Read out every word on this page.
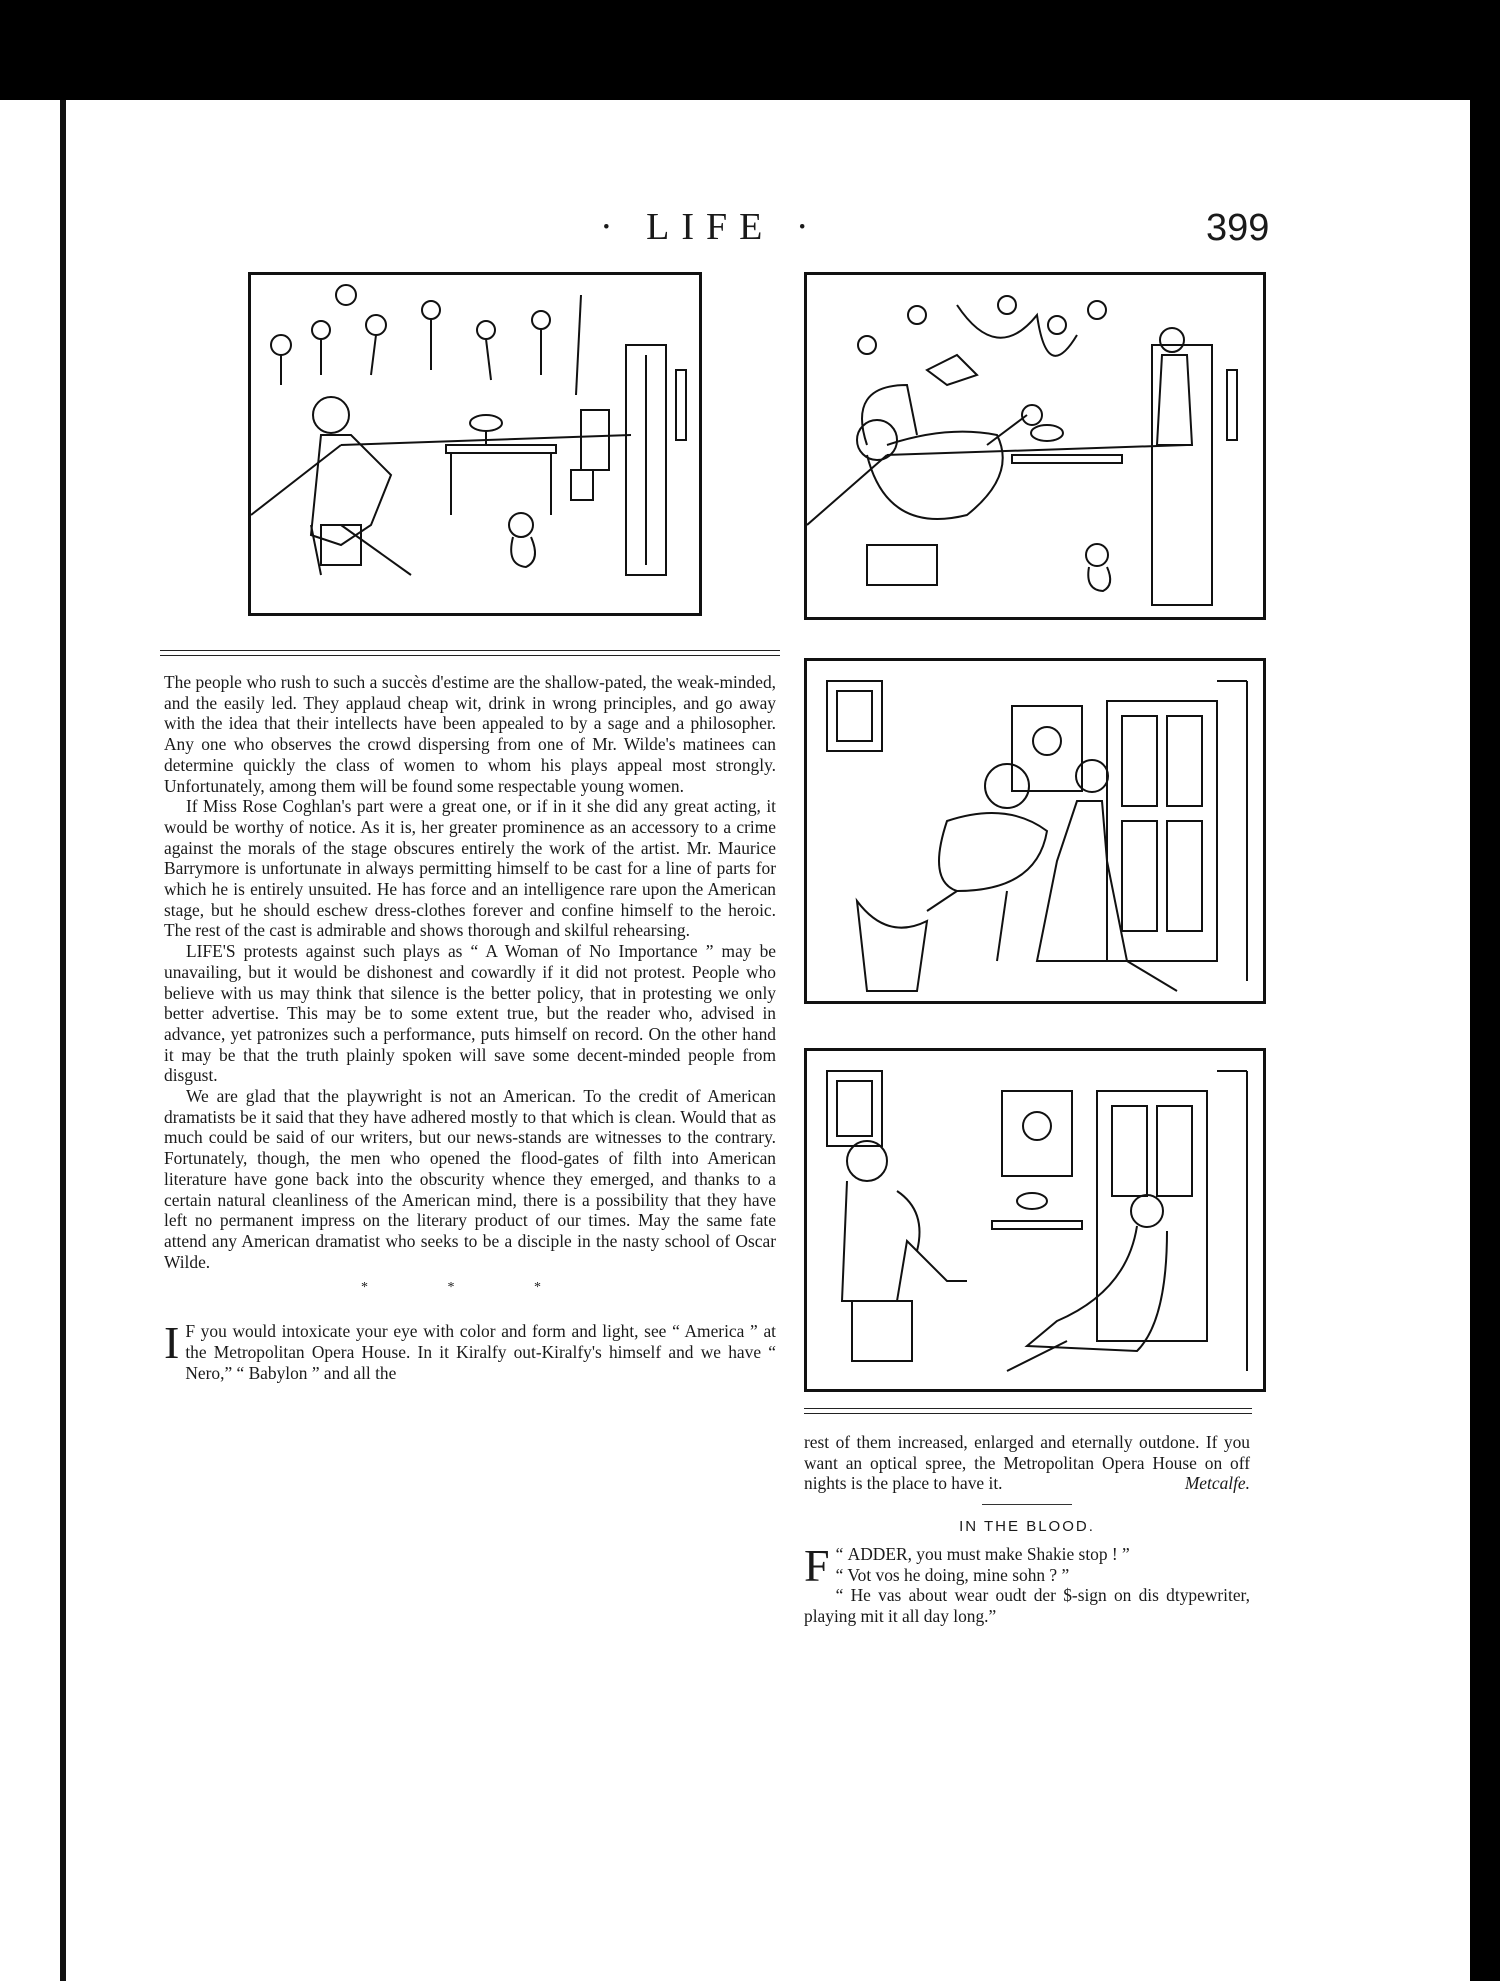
· LIFE ·	399

The people who rush to such a succès d'estime are the shallow-pated, the weak-minded, and the easily led. They applaud cheap wit, drink in wrong principles, and go away with the idea that their intellects have been appealed to by a sage and a philosopher. Any one who observes the crowd dispersing from one of Mr. Wilde's matinees can determine quickly the class of women to whom his plays appeal most strongly. Unfortunately, among them will be found some respectable young women.

If Miss Rose Coghlan's part were a great one, or if in it she did any great acting, it would be worthy of notice. As it is, her greater prominence as an accessory to a crime against the morals of the stage obscures entirely the work of the artist. Mr. Maurice Barrymore is unfortunate in always permitting himself to be cast for a line of parts for which he is entirely unsuited. He has force and an intelligence rare upon the American stage, but he should eschew dress-clothes forever and confine himself to the heroic. The rest of the cast is admirable and shows thorough and skilful rehearsing.

LIFE'S protests against such plays as “ A Woman of No Importance ” may be unavailing, but it would be dishonest and cowardly if it did not protest. People who believe with us may think that silence is the better policy, that in protesting we only better advertise. This may be to some extent true, but the reader who, advised in advance, yet patronizes such a performance, puts himself on record. On the other hand it may be that the truth plainly spoken will save some decent-minded people from disgust.

We are glad that the playwright is not an American. To the credit of American dramatists be it said that they have adhered mostly to that which is clean. Would that as much could be said of our writers, but our news-stands are witnesses to the contrary. Fortunately, though, the men who opened the flood-gates of filth into American literature have gone back into the obscurity whence they emerged, and thanks to a certain natural cleanliness of the American mind, there is a possibility that they have left no permanent impress on the literary product of our times. May the same fate attend any American dramatist who seeks to be a disciple in the nasty school of Oscar Wilde.

* * *

I F you would intoxicate your eye with color and form and light, see “ America ” at the Metropolitan Opera House. In it Kiralfy out-Kiralfy's himself and we have “ Nero,” “ Babylon ” and all the

rest of them increased, enlarged and eternally outdone. If you want an optical spree, the Metropolitan Opera House on off nights is the place to have it.	Metcalfe.

IN THE BLOOD.

“
F ADDER, you must make Shakie stop ! ”
“ Vot vos he doing, mine sohn ? ”

“ He vas about wear oudt der $-sign on dis dtypewriter, playing mit it all day long.”

comicbooks.com
